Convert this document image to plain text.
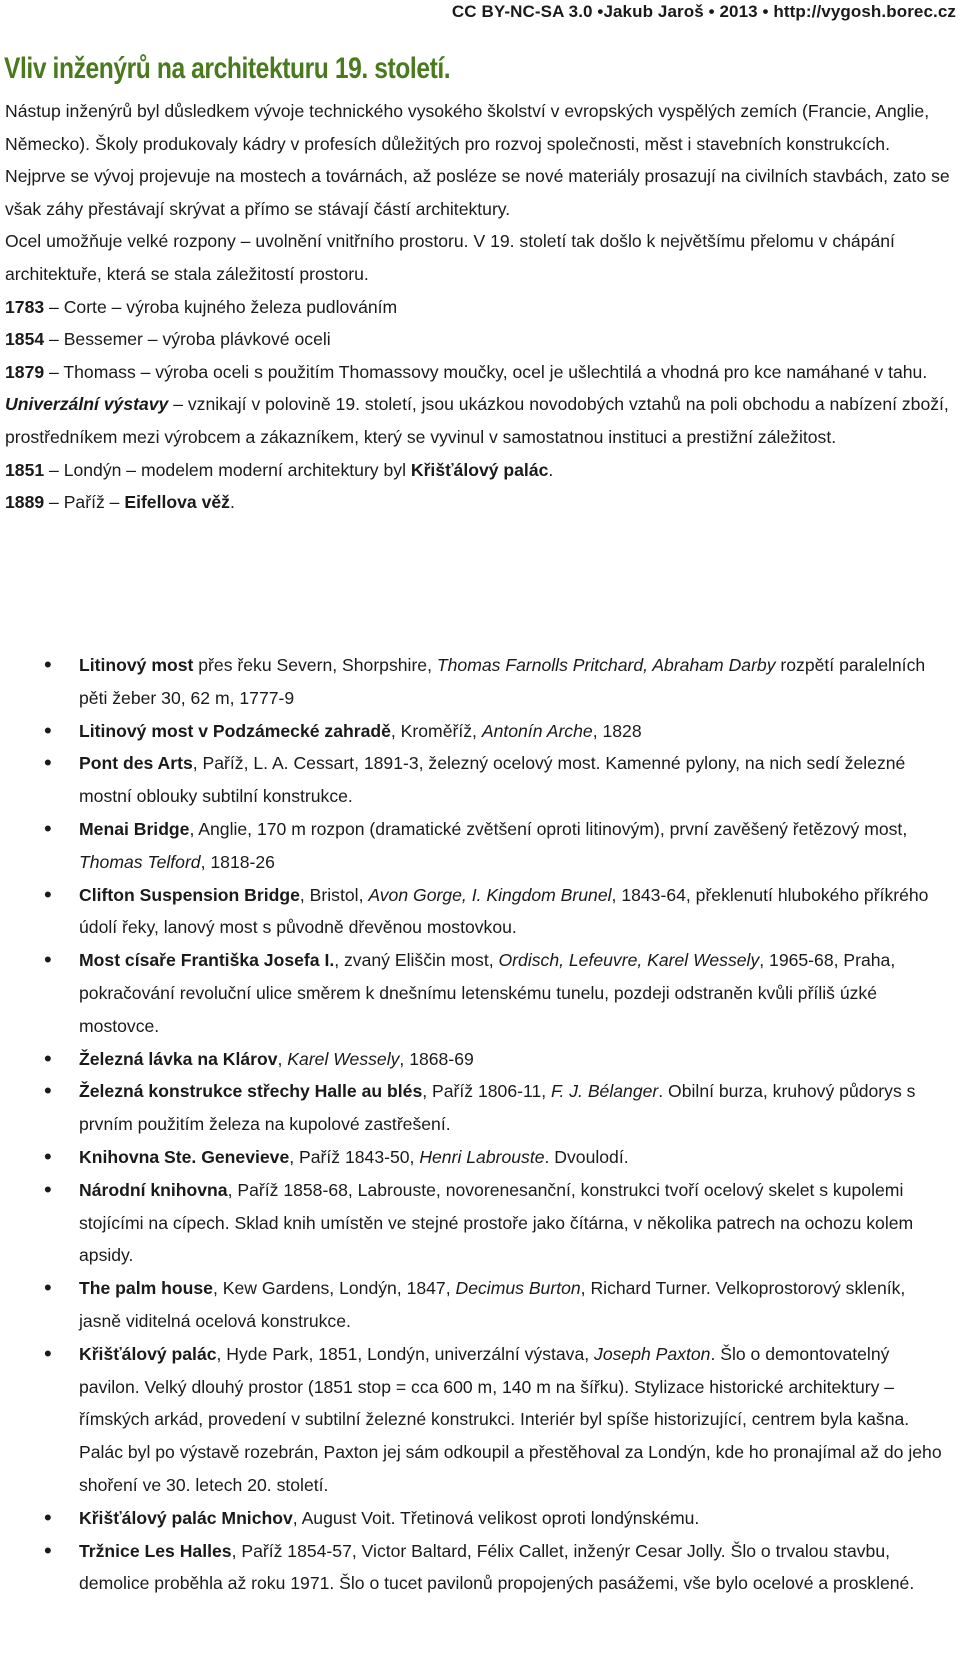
CC BY-NC-SA 3.0 •Jakub Jaroš • 2013 • http://vygosh.borec.cz
Vliv inženýrů na architekturu 19. století.

Nástup inženýrů byl důsledkem vývoje technického vysokého školství v evropských vyspělých zemích (Francie, Anglie, Německo). Školy produkovaly kádry v profesích důležitých pro rozvoj společnosti, měst i stavebních konstrukcích. Nejprve se vývoj projevuje na mostech a továrnách, až posléze se nové materiály prosazují na civilních stavbách, zato se však záhy přestávají skrývat a přímo se stávají částí architektury.

Ocel umožňuje velké rozpony – uvolnění vnitřního prostoru. V 19. století tak došlo k největšímu přelomu v chápání architektuře, která se stala záležitostí prostoru.

1783 – Corte – výroba kujného železa pudlováním

1854 – Bessemer – výroba plávkové oceli

1879 – Thomass – výroba oceli s použitím Thomassovy moučky, ocel je ušlechtilá a vhodná pro kce namáhané v tahu.

Univerzální výstavy – vznikají v polovině 19. století, jsou ukázkou novodobých vztahů na poli obchodu a nabízení zboží, prostředníkem mezi výrobcem a zákazníkem, který se vyvinul v samostatnou instituci a prestižní záležitost.

1851 – Londýn – modelem moderní architektury byl Křišťálový palác.

1889 – Paříž – Eifellova věž.

• Litinový most přes řeku Severn, Shorpshire, Thomas Farnolls Pritchard, Abraham Darby rozpětí paralelních pěti žeber 30, 62 m, 1777-9
• Litinový most v Podzámecké zahradě, Kroměříž, Antonín Arche, 1828
• Pont des Arts, Paříž, L. A. Cessart, 1891-3, železný ocelový most. Kamenné pylony, na nich sedí železné mostní oblouky subtilní konstrukce.
• Menai Bridge, Anglie, 170 m rozpon (dramatické zvětšení oproti litinovým), první zavěšený řetězový most, Thomas Telford, 1818-26
• Clifton Suspension Bridge, Bristol, Avon Gorge, I. Kingdom Brunel, 1843-64, překlenutí hlubokého příkrého údolí řeky, lanový most s původně dřevěnou mostovkou.
• Most císaře Františka Josefa I., zvaný Eliščin most, Ordisch, Lefeuvre, Karel Wessely, 1965-68, Praha, pokračování revoluční ulice směrem k dnešnímu letenskému tunelu, pozdeji odstraněn kvůli příliš úzké mostovce.
• Železná lávka na Klárov, Karel Wessely, 1868-69
• Železná konstrukce střechy Halle au blés, Paříž 1806-11, F. J. Bélanger. Obilní burza, kruhový půdorys s prvním použitím železa na kupolové zastřešení.
• Knihovna Ste. Genevieve, Paříž 1843-50, Henri Labrouste. Dvoulodí.
• Národní knihovna, Paříž 1858-68, Labrouste, novorenesanční, konstrukci tvoří ocelový skelet s kupolemi stojícími na cípech. Sklad knih umístěn ve stejné prostoře jako čítárna, v několika patrech na ochozu kolem apsidy.
• The palm house, Kew Gardens, Londýn, 1847, Decimus Burton, Richard Turner. Velkoprostorový skleník, jasně viditelná ocelová konstrukce.
• Křišťálový palác, Hyde Park, 1851, Londýn, univerzální výstava, Joseph Paxton. Šlo o demontovatelný pavilon. Velký dlouhý prostor (1851 stop = cca 600 m, 140 m na šířku). Stylizace historické architektury – římských arkád, provedení v subtilní železné konstrukci. Interiér byl spíše historizující, centrem byla kašna. Palác byl po výstavě rozebrán, Paxton jej sám odkoupil a přestěhoval za Londýn, kde ho pronajímal až do jeho shoření ve 30. letech 20. století.
• Křišťálový palác Mnichov, August Voit. Třetinová velikost oproti londýnskému.
• Tržnice Les Halles, Paříž 1854-57, Victor Baltard, Félix Callet, inženýr Cesar Jolly. Šlo o trvalou stavbu, demolice proběhla až roku 1971. Šlo o tucet pavilonů propojených pasážemi, vše bylo ocelové a prosklené.
